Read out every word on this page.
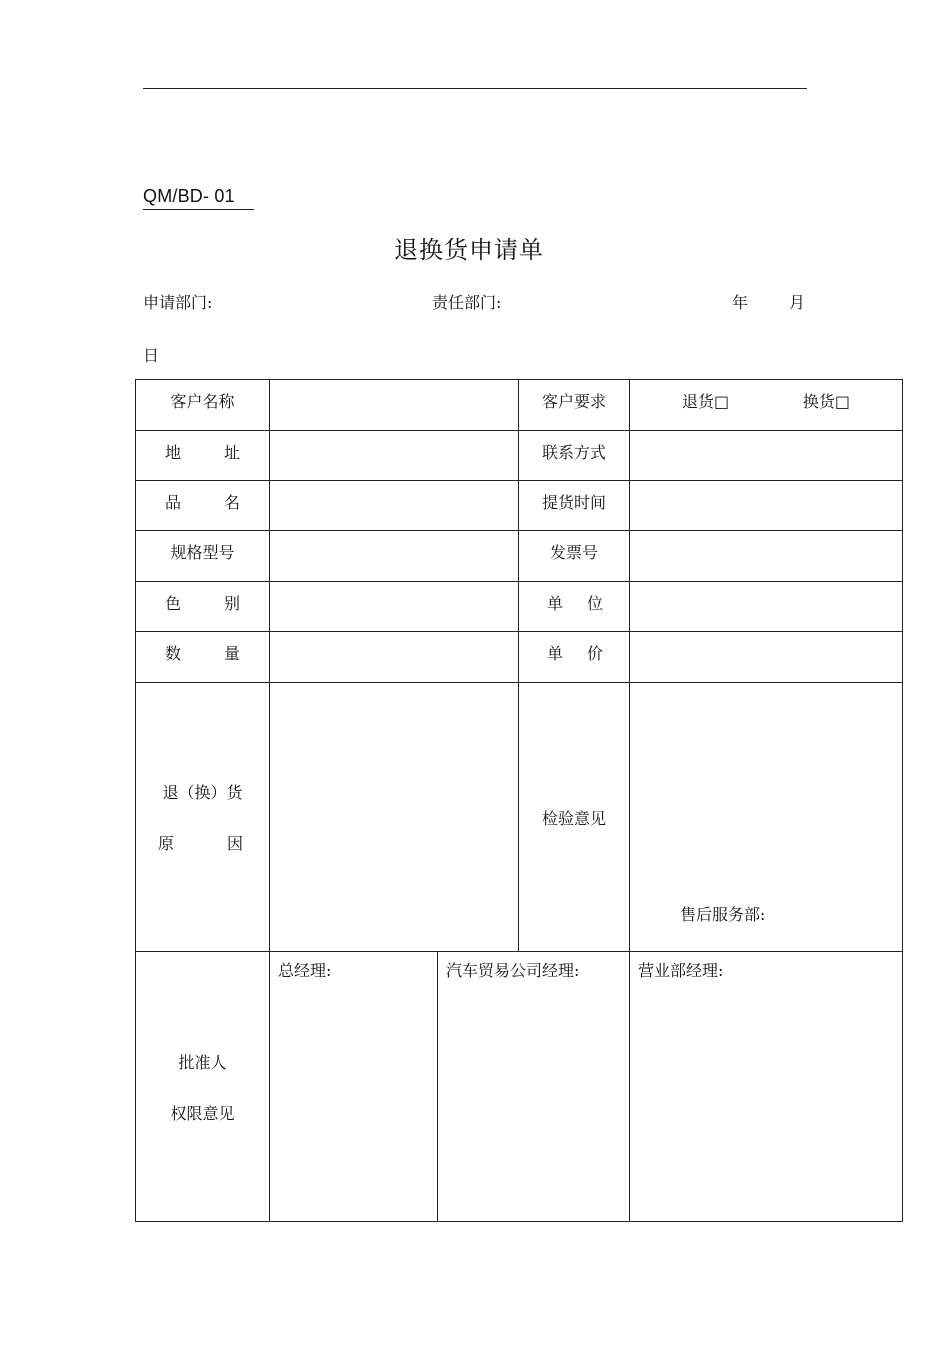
QM/BD- 01
退换货申请单
申请部门:	责任部门:	年	月
日
客户名称			客户要求	退货□ 换货□

地 址			联系方式	

品 名			提货时间	
规格型号			发票号	

色 别			单 位	

数 量			单 价	

退（换）货
原 因			检验意见	售后服务部:

批准人
权限意见	总经理:	汽车贸易公司经理:		营业部经理:
